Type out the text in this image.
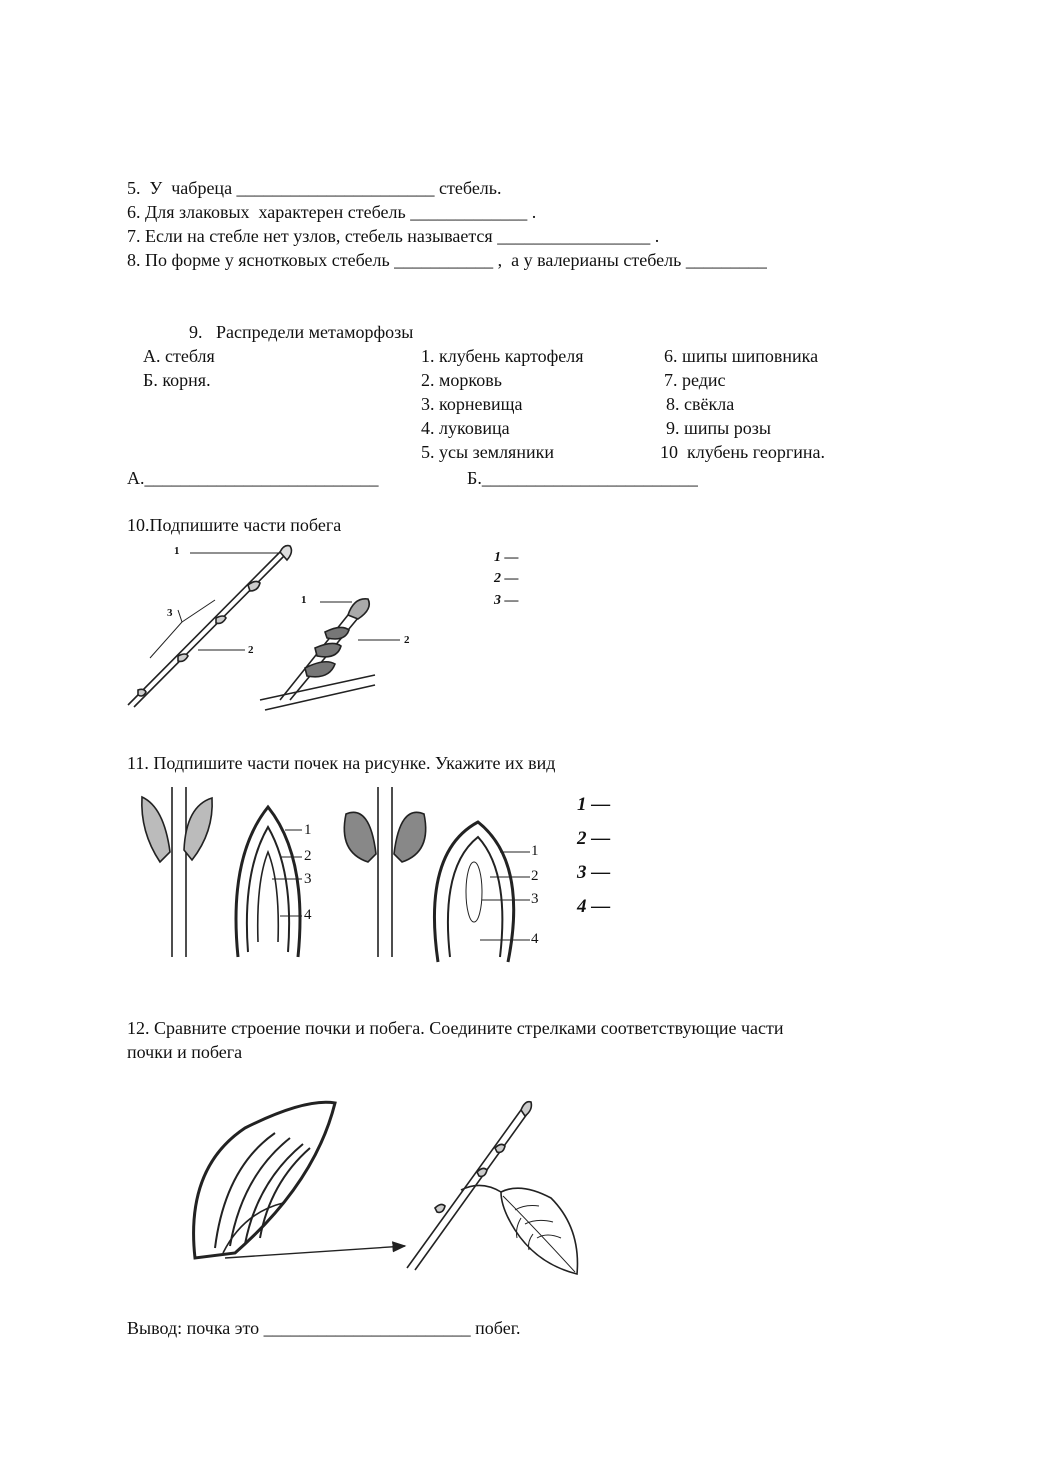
5.  У  чабреца ______________________ стебель.
6. Для злаковых  характерен стебель _____________ .
7. Если на стебле нет узлов, стебель называется _________________ .
8. По форме у яснотковых стебель ___________ ,  а у валерианы стебель _________
9.   Распредели метаморфозы
А. стебля
Б. корня.
1. клубень картофеля
2. морковь
3. корневища
4. луковица
5. усы земляники
6. шипы шиповника
7. редис
8. свёкла
9. шипы розы
10  клубень георгина.
А.__________________________	Б.________________________
10.Подпишите части побега
1
2
3
1
2
1 —
2 —
3 —
11. Подпишите части почек на рисунке. Укажите их вид
1
2
3
4
1
2
3
4
1 —
2 —
3 —
4 —
12. Сравните строение почки и побега. Соедините стрелками соответствующие части
почки и побега
Вывод: почка это _______________________ побег.
